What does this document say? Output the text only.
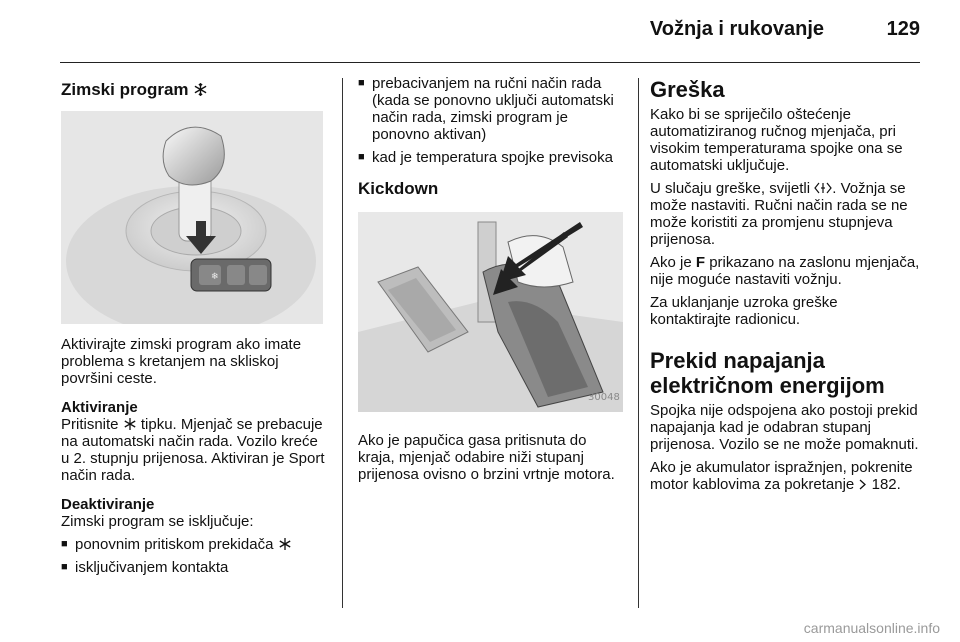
Vožnja i rukovanje	129
Zimski program
❄

Aktivirajte zimski program ako imate problema s kretanjem na skliskoj površini ceste.

Aktiviranje

Pritisnite tipku. Mjenjač se prebacuje na automatski način rada. Vozilo kreće u 2. stupnju prijenosa. Aktiviran je Sport način rada.

Deaktiviranje

Zimski program se isključuje:

■ ponovnim pritiskom prekidača
■ isključivanjem kontakta
■ prebacivanjem na ručni način rada (kada se ponovno uključi automatski način rada, zimski program je ponovno aktivan)
■ kad je temperatura spojke previsoka
Kickdown
30048

Ako je papučica gasa pritisnuta do kraja, mjenjač odabire niži stupanj prijenosa ovisno o brzini vrtnje motora.

Greška

Kako bi se spriječilo oštećenje automatiziranog ručnog mjenjača, pri visokim temperaturama spojke ona se automatski uključuje.

U slučaju greške, svijetli . Vožnja se može nastaviti. Ručni način rada se ne može koristiti za promjenu stupnjeva prijenosa.

Ako je F prikazano na zaslonu mjenjača, nije moguće nastaviti vožnju.

Za uklanjanje uzroka greške kontaktirajte radionicu.

Prekid napajanja električnom energijom

Spojka nije odspojena ako postoji prekid napajanja kad je odabran stupanj prijenosa. Vozilo se ne može pomaknuti.

Ako je akumulator ispražnjen, pokrenite motor kablovima za pokretanje 182.

carmanualsonline.info
